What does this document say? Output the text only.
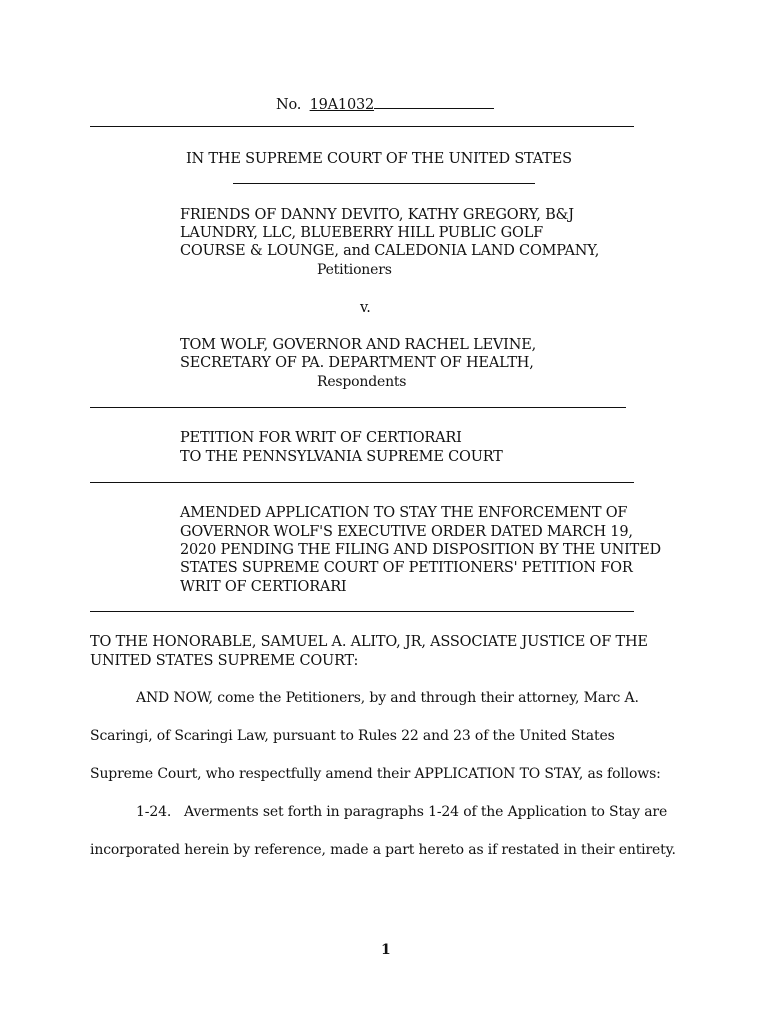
No. 19A1032
IN THE SUPREME COURT OF THE UNITED STATES
FRIENDS OF DANNY DEVITO, KATHY GREGORY, B&J
LAUNDRY, LLC, BLUEBERRY HILL PUBLIC GOLF
COURSE & LOUNGE, and CALEDONIA LAND COMPANY,
Petitioners
v.
TOM WOLF, GOVERNOR AND RACHEL LEVINE,
SECRETARY OF PA. DEPARTMENT OF HEALTH,
Respondents
PETITION FOR WRIT OF CERTIORARI
TO THE PENNSYLVANIA SUPREME COURT
AMENDED APPLICATION TO STAY THE ENFORCEMENT OF
GOVERNOR WOLF'S EXECUTIVE ORDER DATED MARCH 19,
2020 PENDING THE FILING AND DISPOSITION BY THE UNITED
STATES SUPREME COURT OF PETITIONERS' PETITION FOR
WRIT OF CERTIORARI
TO THE HONORABLE, SAMUEL A. ALITO, JR, ASSOCIATE JUSTICE OF THE
UNITED STATES SUPREME COURT:
AND NOW, come the Petitioners, by and through their attorney, Marc A.
Scaringi, of Scaringi Law, pursuant to Rules 22 and 23 of the United States
Supreme Court, who respectfully amend their APPLICATION TO STAY, as follows:
1-24.   Averments set forth in paragraphs 1-24 of the Application to Stay are
incorporated herein by reference, made a part hereto as if restated in their entirety.
1
